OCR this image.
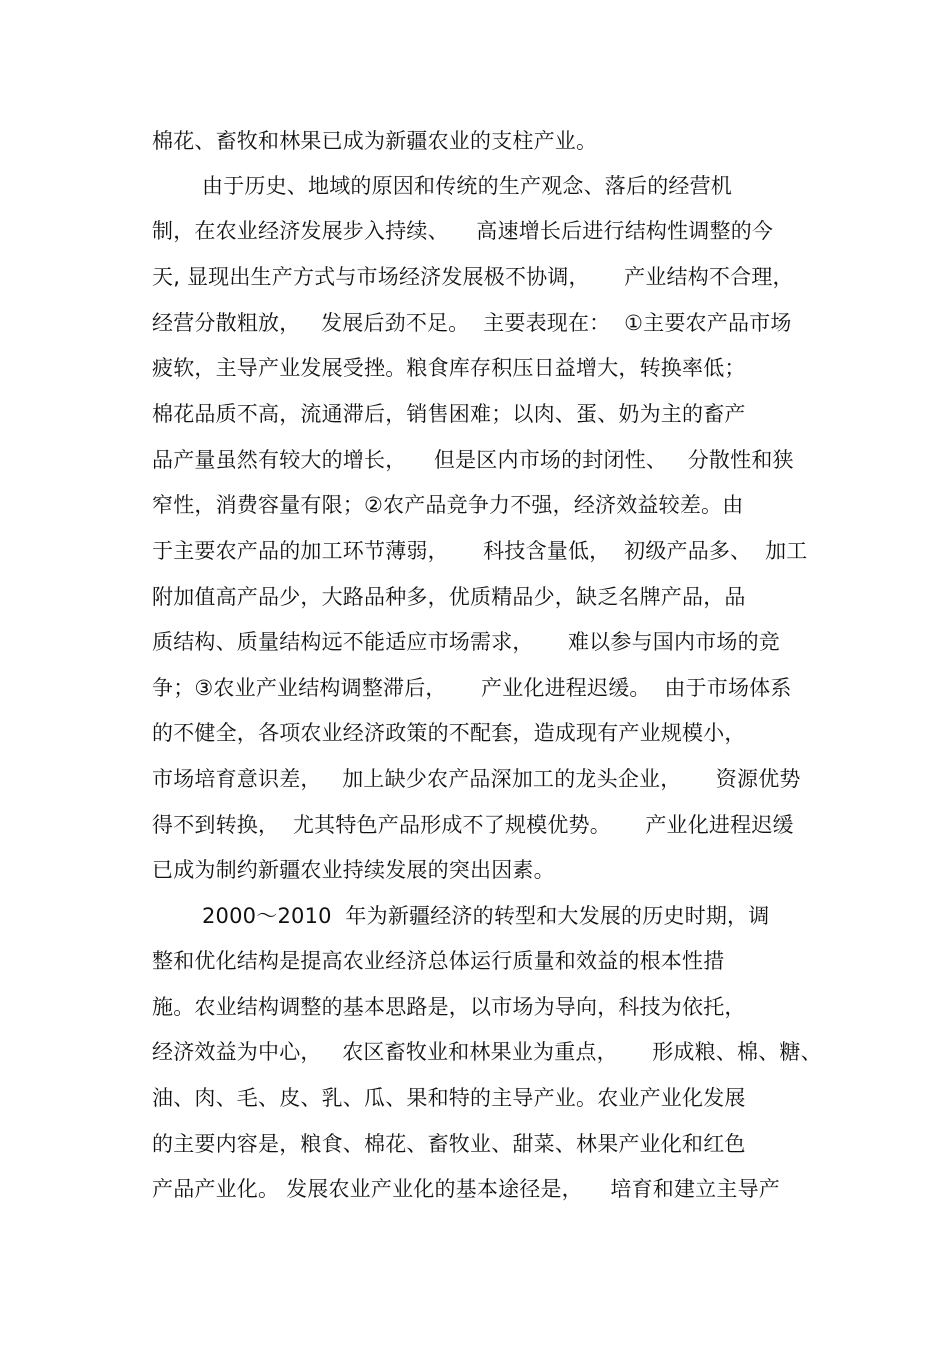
棉花、畜牧和林果已成为新疆农业的支柱产业。
由于历史、地域的原因和传统的生产观念、落后的经营机
制，在农业经济发展步入持续、    高速增长后进行结构性调整的今
天, 显现出生产方式与市场经济发展极不协调，     产业结构不合理，
经营分散粗放，   发展后劲不足。  主要表现在：  ①主要农产品市场
疲软，主导产业发展受挫。粮食库存积压日益增大，转换率低；
棉花品质不高，流通滞后，销售困难；以肉、蛋、奶为主的畜产
品产量虽然有较大的增长，    但是区内市场的封闭性、   分散性和狭
窄性，消费容量有限；②农产品竞争力不强，经济效益较差。由
于主要农产品的加工环节薄弱，     科技含量低，  初级产品多、  加工
附加值高产品少，大路品种多，优质精品少，缺乏名牌产品，品
质结构、质量结构远不能适应市场需求，     难以参与国内市场的竞
争；③农业产业结构调整滞后，     产业化进程迟缓。  由于市场体系
的不健全，各项农业经济政策的不配套，造成现有产业规模小，
市场培育意识差，   加上缺少农产品深加工的龙头企业，     资源优势
得不到转换，  尤其特色产品形成不了规模优势。     产业化进程迟缓
已成为制约新疆农业持续发展的突出因素。
2000～2010  年为新疆经济的转型和大发展的历史时期，调
整和优化结构是提高农业经济总体运行质量和效益的根本性措
施。农业结构调整的基本思路是，以市场为导向，科技为依托，
经济效益为中心，   农区畜牧业和林果业为重点，     形成粮、棉、糖、
油、肉、毛、皮、乳、瓜、果和特的主导产业。农业产业化发展
的主要内容是，粮食、棉花、畜牧业、甜菜、林果产业化和红色
产品产业化。 发展农业产业化的基本途径是，    培育和建立主导产
